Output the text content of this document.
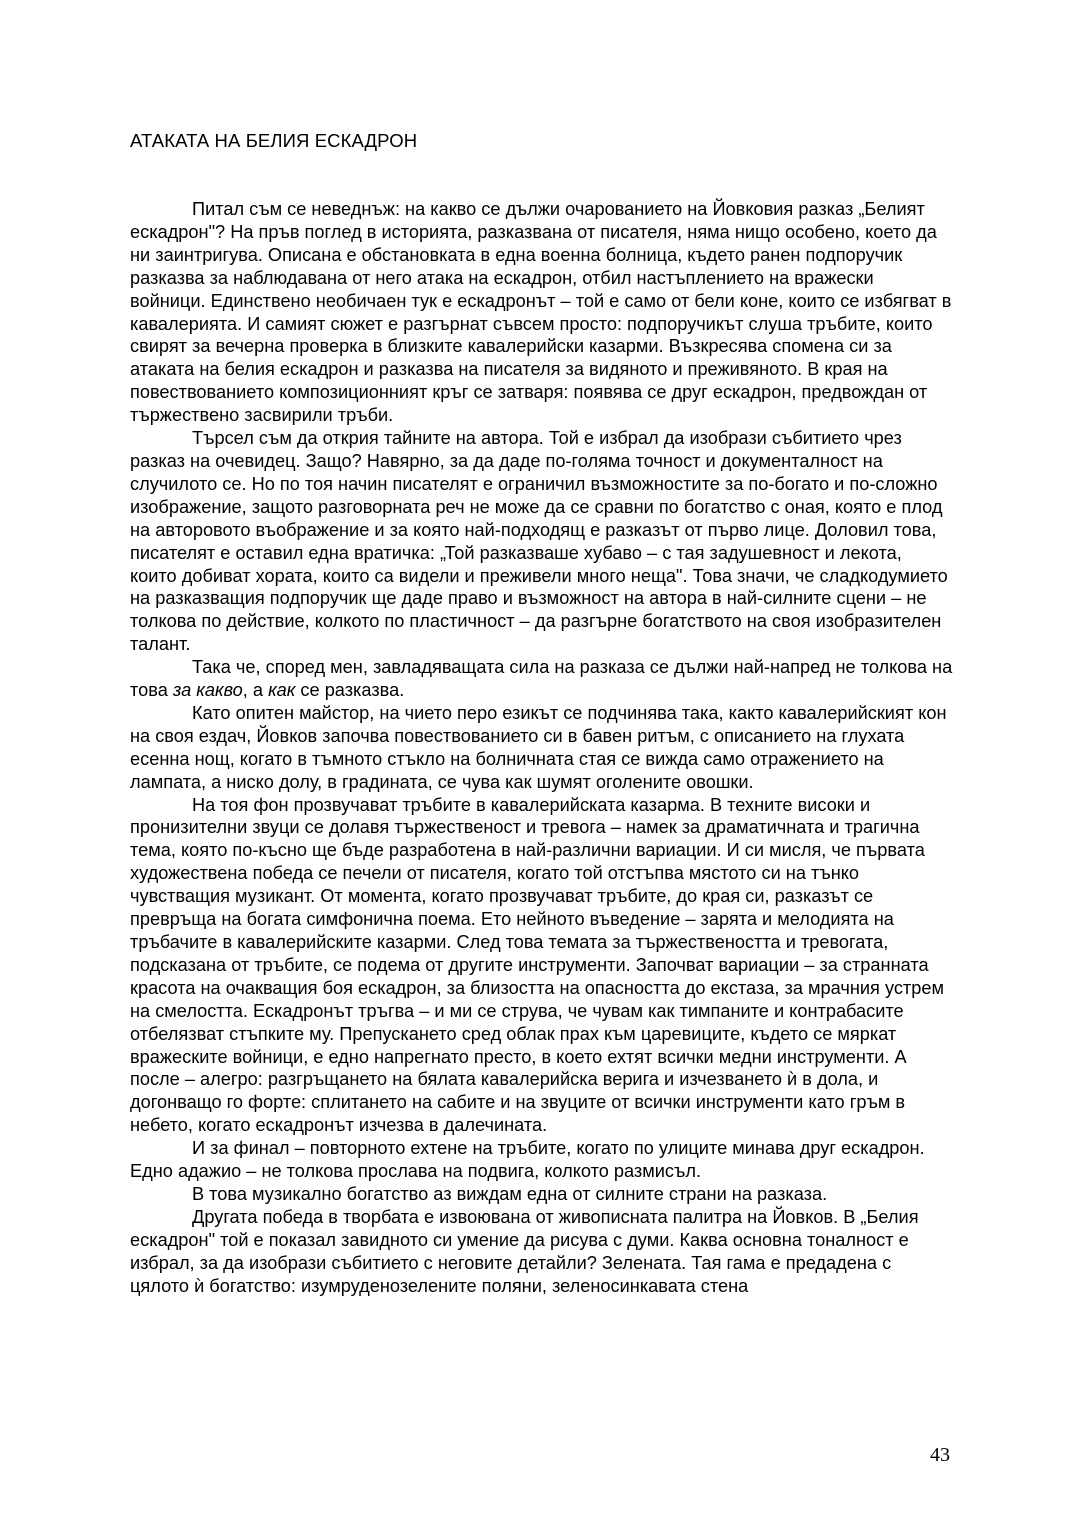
АТАКАТА НА БЕЛИЯ ЕСКАДРОН

Питал съм се неведнъж: на какво се дължи очарованието на Йовковия разказ „Белият ескадрон"? На пръв поглед в историята, разказвана от писателя, няма нищо особено, което да ни заинтригува. Описана е обстановката в една военна болница, където ранен подпоручик разказва за наблюдавана от него атака на ескадрон, отбил настъплението на вражески войници. Единствено необичаен тук е ескадронът – той е само от бели коне, които се избягват в кавалерията. И самият сюжет е разгърнат съвсем просто: подпоручикът слуша тръбите, които свирят за вечерна проверка в близките кавалерийски казарми. Възкресява спомена си за атаката на белия ескадрон и разказва на писателя за видяното и преживяното. В края на повествованието композиционният кръг се затваря: появява се друг ескадрон, предвождан от тържествено засвирили тръби.

Търсел съм да открия тайните на автора. Той е избрал да изобрази събитието чрез разказ на очевидец. Защо? Навярно, за да даде по-голяма точност и документалност на случилото се. Но по тоя начин писателят е ограничил възможностите за по-богато и по-сложно изображение, защото разговорната реч не може да се сравни по богатство с оная, която е плод на авторовото въображение и за която най-подходящ е разказът от първо лице. Доловил това, писателят е оставил една вратичка: „Той разказваше хубаво – с тая задушевност и лекота, които добиват хората, които са видели и преживели много неща". Това значи, че сладкодумието на разказващия подпоручик ще даде право и възможност на автора в най-силните сцени – не толкова по действие, колкото по пластичност – да разгърне богатството на своя изобразителен талант.

Така че, според мен, завладяващата сила на разказа се дължи най-напред не толкова на това за какво, а как се разказва.

Като опитен майстор, на чието перо езикът се подчинява така, както кавалерийският кон на своя ездач, Йовков започва повествованието си в бавен ритъм, с описанието на глухата есенна нощ, когато в тъмното стъкло на болничната стая се вижда само отражението на лампата, а ниско долу, в градината, се чува как шумят оголените овошки.

На тоя фон прозвучават тръбите в кавалерийската казарма. В техните високи и пронизителни звуци се долавя тържественост и тревога – намек за драматичната и трагична тема, която по-късно ще бъде разработена в най-различни вариации. И си мисля, че първата художествена победа се печели от писателя, когато той отстъпва мястото си на тънко чувстващия музикант. От момента, когато прозвучават тръбите, до края си, разказът се превръща на богата симфонична поема. Ето нейното въведение – зарята и мелодията на тръбачите в кавалерийските казарми. След това темата за тържествеността и тревогата, подсказана от тръбите, се подема от другите инструменти. Започват вариации – за странната красота на очакващия боя ескадрон, за близостта на опасността до екстаза, за мрачния устрем на смелостта. Ескадронът тръгва – и ми се струва, че чувам как тимпаните и контрабасите отбелязват стъпките му. Препускането сред облак прах към царевиците, където се мяркат вражеските войници, е едно напрегнато престо, в което ехтят всички медни инструменти. А после – алегро: разгръщането на бялата кавалерийска верига и изчезването ѝ в дола, и догонващо го форте: сплитането на сабите и на звуците от всички инструменти като гръм в небето, когато ескадронът изчезва в далечината.

И за финал – повторното ехтене на тръбите, когато по улиците минава друг ескадрон. Едно адажио – не толкова прослава на подвига, колкото размисъл.

В това музикално богатство аз виждам една от силните страни на разказа.

Другата победа в творбата е извоювана от живописната палитра на Йовков. В „Белия ескадрон" той е показал завидното си умение да рисува с думи. Каква основна тоналност е избрал, за да изобрази събитието с неговите детайли? Зелената. Тая гама е предадена с цялото ѝ богатство: изумруденозелените поляни, зеленосинкавата стена

43
